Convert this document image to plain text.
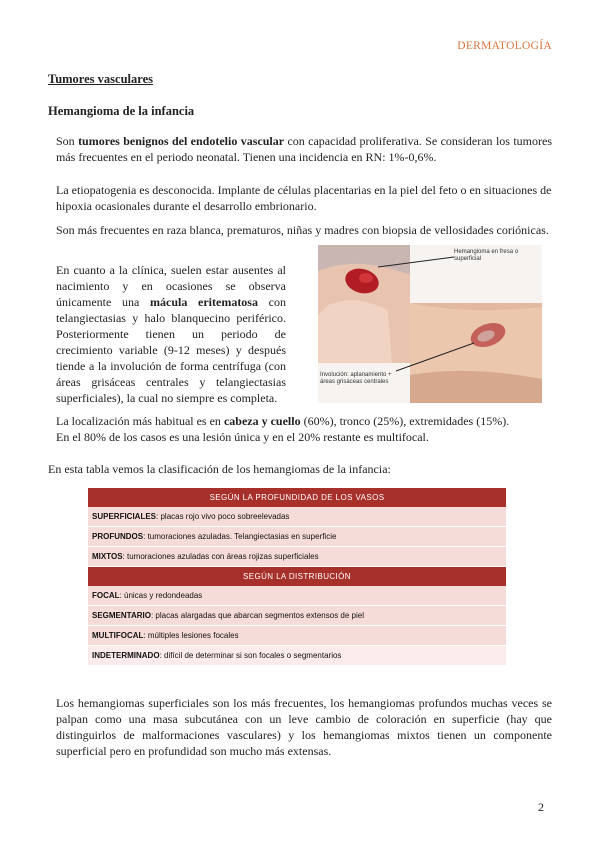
DERMATOLOGÍA
Tumores vasculares
Hemangioma de la infancia
Son tumores benignos del endotelio vascular con capacidad proliferativa. Se consideran los tumores más frecuentes en el periodo neonatal. Tienen una incidencia en RN: 1%-0,6%.
La etiopatogenia es desconocida. Implante de células placentarias en la piel del feto o en situaciones de hipoxia ocasionales durante el desarrollo embrionario.
Son más frecuentes en raza blanca, prematuros, niñas y madres con biopsia de vellosidades coriónicas.
En cuanto a la clínica, suelen estar ausentes al nacimiento y en ocasiones se observa únicamente una mácula eritematosa con telangiectasias y halo blanquecino periférico. Posteriormente tienen un periodo de crecimiento variable (9-12 meses) y después tiende a la involución de forma centrífuga (con áreas grisáceas centrales y telangiectasias superficiales), la cual no siempre es completa.
Hemangioma en fresa o superficial
Involución: aplanamiento + áreas grisáceas centrales
La localización más habitual es en cabeza y cuello (60%), tronco (25%), extremidades (15%).
En el 80% de los casos es una lesión única y en el 20% restante es multifocal.
En esta tabla vemos la clasificación de los hemangiomas de la infancia:
SEGÚN LA PROFUNDIDAD DE LOS VASOS
SUPERFICIALES: placas rojo vivo poco sobreelevadas
PROFUNDOS: tumoraciones azuladas. Telangiectasias en superficie
MIXTOS: tumoraciones azuladas con áreas rojizas superficiales
SEGÚN LA DISTRIBUCIÓN
FOCAL: únicas y redondeadas
SEGMENTARIO: placas alargadas que abarcan segmentos extensos de piel
MULTIFOCAL: múltiples lesiones focales
INDETERMINADO: difícil de determinar si son focales o segmentarios
Los hemangiomas superficiales son los más frecuentes, los hemangiomas profundos muchas veces se palpan como una masa subcutánea con un leve cambio de coloración en superficie (hay que distinguirlos de malformaciones vasculares) y los hemangiomas mixtos tienen un componente superficial pero en profundidad son mucho más extensas.
2
